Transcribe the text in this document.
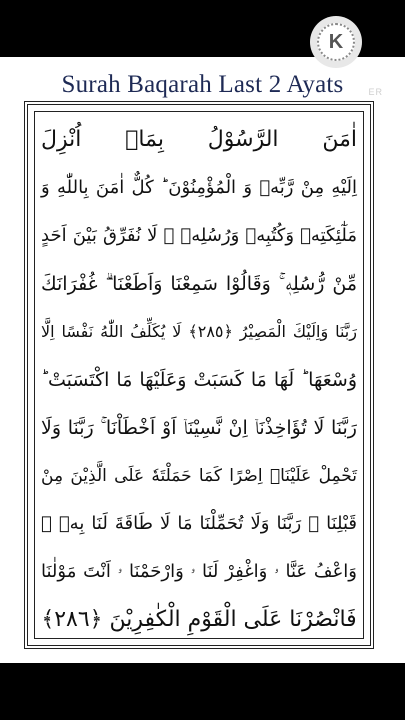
Surah Baqarah Last 2 Ayats	ER
اٰمَنَ الرَّسُوْلُ بِمَاۤ اُنْزِلَ
اِلَيْهِ مِنْ رَّبِّهٖ وَ الْمُؤْمِنُوْنَ ؕ كُلٌّ اٰمَنَ بِاللّٰهِ وَ
مَلٰٓئِكَتِهٖ وَكُتُبِهٖ وَرُسُلِهٖ ۚ لَا نُفَرِّقُ بَيْنَ اَحَدٍ
مِّنْ رُّسُلِهٖ ۚ وَقَالُوْا سَمِعْنَا وَاَطَعْنَا ۗ غُفْرَانَكَ
رَبَّنَا وَاِلَيْكَ الْمَصِيْرُ ﴿٢٨٥﴾ لَا يُكَلِّفُ اللّٰهُ نَفْسًا اِلَّا
وُسْعَهَا ؕ لَهَا مَا كَسَبَتْ وَعَلَيْهَا مَا اكْتَسَبَتْ ؕ
رَبَّنَا لَا تُؤَاخِذْنَاۤ اِنْ نَّسِيْنَاۤ اَوْ اَخْطَاْنَا ۚ رَبَّنَا وَلَا
تَحْمِلْ عَلَيْنَاۤ اِصْرًا كَمَا حَمَلْتَهٗ عَلَى الَّذِيْنَ مِنْ
قَبْلِنَا ۚ رَبَّنَا وَلَا تُحَمِّلْنَا مَا لَا طَاقَةَ لَنَا بِهٖ ۚ
وَاعْفُ عَنَّا ۥ وَاغْفِرْ لَنَا ۥ وَارْحَمْنَا ۥ اَنْتَ مَوْلٰنَا
فَانْصُرْنَا عَلَى الْقَوْمِ الْكٰفِرِيْنَ ﴿٢٨٦﴾
K
